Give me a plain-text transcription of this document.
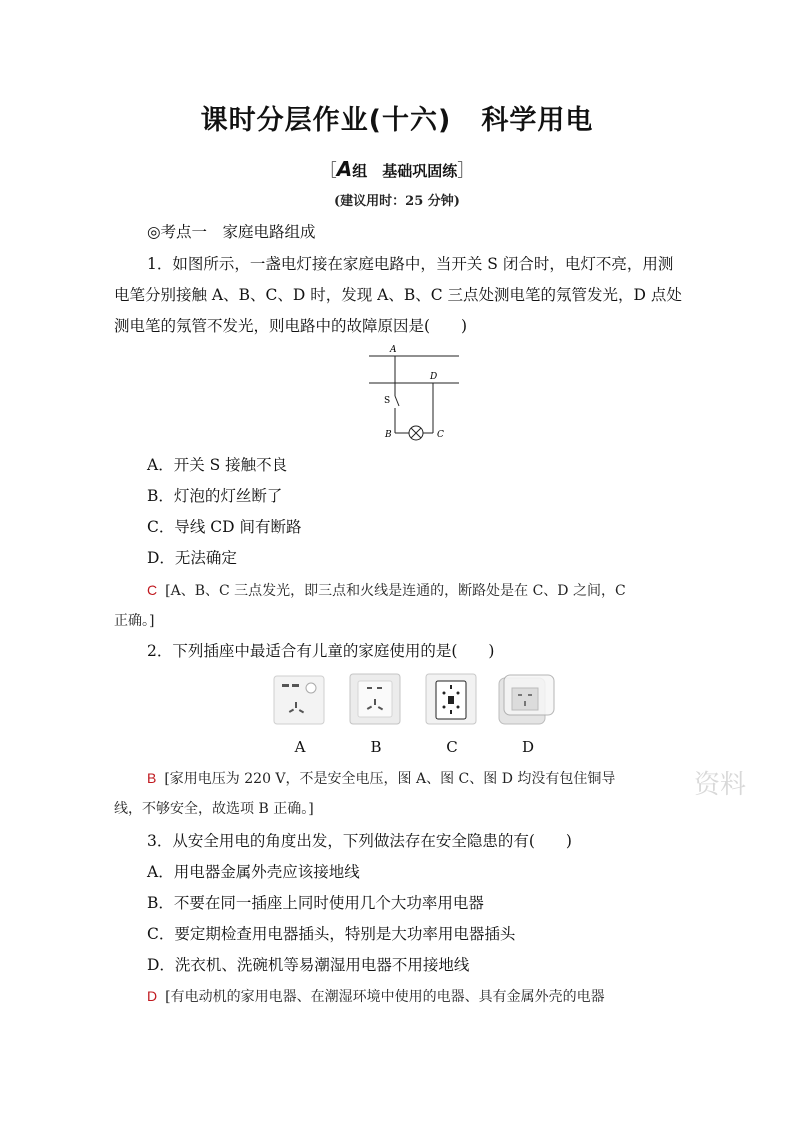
课时分层作业(十六) 科学用电
［A组　基础巩固练］
(建议用时：25 分钟)
◎考点一　家庭电路组成
1．如图所示，一盏电灯接在家庭电路中，当开关 S 闭合时，电灯不亮，用测
电笔分别接触 A、B、C、D 时，发现 A、B、C 三点处测电笔的氖管发光，D 点处
测电笔的氖管不发光，则电路中的故障原因是(　　)
A
D
S
B	C
A．开关 S 接触不良
B．灯泡的灯丝断了
C．导线 CD 间有断路
D．无法确定
C [A、B、C 三点发光，即三点和火线是连通的，断路处是在 C、D 之间，C
正确。]
2．下列插座中最适合有儿童的家庭使用的是(　　)
A	B	C	D
B [家用电压为 220 V，不是安全电压，图 A、图 C、图 D 均没有包住铜导
线，不够安全，故选项 B 正确。]
资料
3．从安全用电的角度出发，下列做法存在安全隐患的有(　　)
A．用电器金属外壳应该接地线
B．不要在同一插座上同时使用几个大功率用电器
C．要定期检查用电器插头，特别是大功率用电器插头
D．洗衣机、洗碗机等易潮湿用电器不用接地线
D [有电动机的家用电器、在潮湿环境中使用的电器、具有金属外壳的电器
